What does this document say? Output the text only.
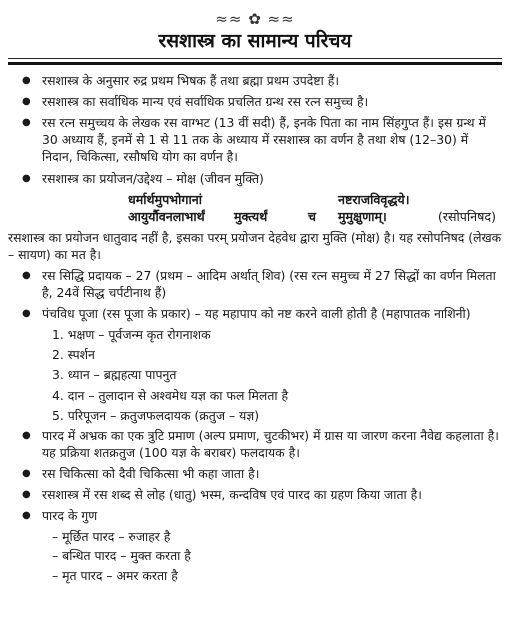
≈≈ ✿ ≈≈
रसशास्त्र का सामान्य परिचय
● रसशास्त्र के अनुसार रुद्र प्रथम भिषक हैं तथा ब्रह्मा प्रथम उपदेष्टा हैं।
● रसशास्त्र का सर्वाधिक मान्य एवं सर्वाधिक प्रचलित ग्रन्थ रस रत्न समुच्च है।
● रस रत्न समुच्चय के लेखक रस वाग्भट (13 वीं सदी) हैं, इनके पिता का नाम सिंहगुप्त हैं। इस ग्रन्थ में 30 अध्याय हैं, इनमें से 1 से 11 तक के अध्याय में रसशास्त्र का वर्णन है तथा शेष (12–30) में निदान, चिकित्सा, रसौषधि योग का वर्णन है।
● रसशास्त्र का प्रयोजन/उद्देश्य – मोक्ष (जीवन मुक्ति)
धर्मार्थमुपभोगानां	नष्टराजविवृद्धये।
आयुर्यौवनलाभार्थं मुक्त्यर्थं	च मुमुक्षुणाम्।	(रसोपनिषद)

रसशास्त्र का प्रयोजन धातुवाद नहीं है, इसका परम् प्रयोजन देहवेध द्वारा मुक्ति (मोक्ष) है। यह रसोपनिषद (लेखक – सायण) का मत है।

● रस सिद्धि प्रदायक – 27 (प्रथम – आदिम अर्थात् शिव) (रस रत्न समुच्च में 27 सिद्धों का वर्णन मिलता है, 24वें सिद्ध चर्पटीनाथ हैं)
● पंचविध पूजा (रस पूजा के प्रकार) – यह महापाप को नष्ट करने वाली होती है (महापातक नाशिनी)
1. भक्षण – पूर्वजन्म कृत रोगनाशक
2. स्पर्शन
3. ध्यान – ब्रह्महत्या पापनुत
4. दान – तुलादान से अश्वमेध यज्ञ का फल मिलता है
5. परिपूजन – क्रतुजफलदायक (क्रतुज – यज्ञ)
● पारद में अभ्रक का एक त्रुटि प्रमाण (अल्प प्रमाण, चुटकीभर) में ग्रास या जारण करना नैवेद्य कहलाता है। यह प्रक्रिया शतक्रतुज (100 यज्ञ के बराबर) फलदायक है।
● रस चिकित्सा को दैवी चिकित्सा भी कहा जाता है।
● रसशास्त्र में रस शब्द से लोह (धातु) भस्म, कन्दविष एवं पारद का ग्रहण किया जाता है।
● पारद के गुण
– मूर्छित पारद – रुजाहर है
– बन्धित पारद – मुक्त करता है
– मृत पारद – अमर करता है
